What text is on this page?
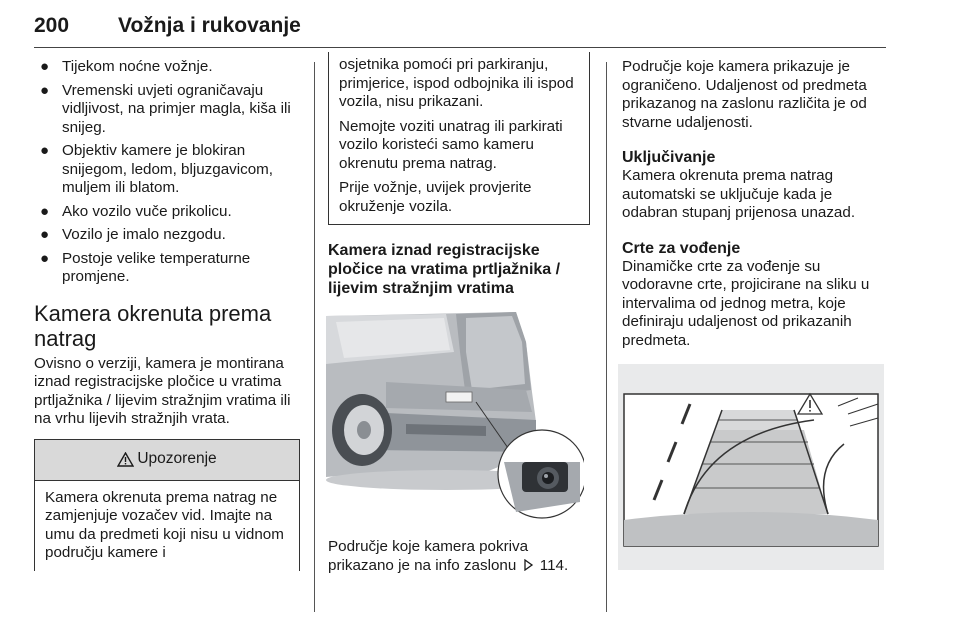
200 Vožnja i rukovanje
● Tijekom noćne vožnje.
● Vremenski uvjeti ograničavaju vidljivost, na primjer magla, kiša ili snijeg.
● Objektiv kamere je blokiran snijegom, ledom, bljuzgavicom, muljem ili blatom.
● Ako vozilo vuče prikolicu.
● Vozilo je imalo nezgodu.
● Postoje velike temperaturne promjene.
Kamera okrenuta prema natrag

Ovisno o verziji, kamera je montirana iznad registracijske pločice u vratima prtljažnika / lijevim stražnjim vratima ili na vrhu lijevih stražnjih vrata.

Upozorenje
Kamera okrenuta prema natrag ne zamjenjuje vozačev vid. Imajte na umu da predmeti koji nisu u vidnom području kamere i

osjetnika pomoći pri parkiranju, primjerice, ispod odbojnika ili ispod vozila, nisu prikazani.

Nemojte voziti unatrag ili parkirati vozilo koristeći samo kameru okrenutu prema natrag.

Prije vožnje, uvijek provjerite okruženje vozila.

Kamera iznad registracijske pločice na vratima prtljažnika / lijevim stražnjim vratima

Područje koje kamera pokriva prikazano je na info zaslonu 114.

Područje koje kamera prikazuje je ograničeno. Udaljenost od predmeta prikazanog na zaslonu različita je od stvarne udaljenosti.

Uključivanje

Kamera okrenuta prema natrag automatski se uključuje kada je odabran stupanj prijenosa unazad.

Crte za vođenje

Dinamičke crte za vođenje su vodoravne crte, projicirane na sliku u intervalima od jednog metra, koje definiraju udaljenost od prikazanih predmeta.
